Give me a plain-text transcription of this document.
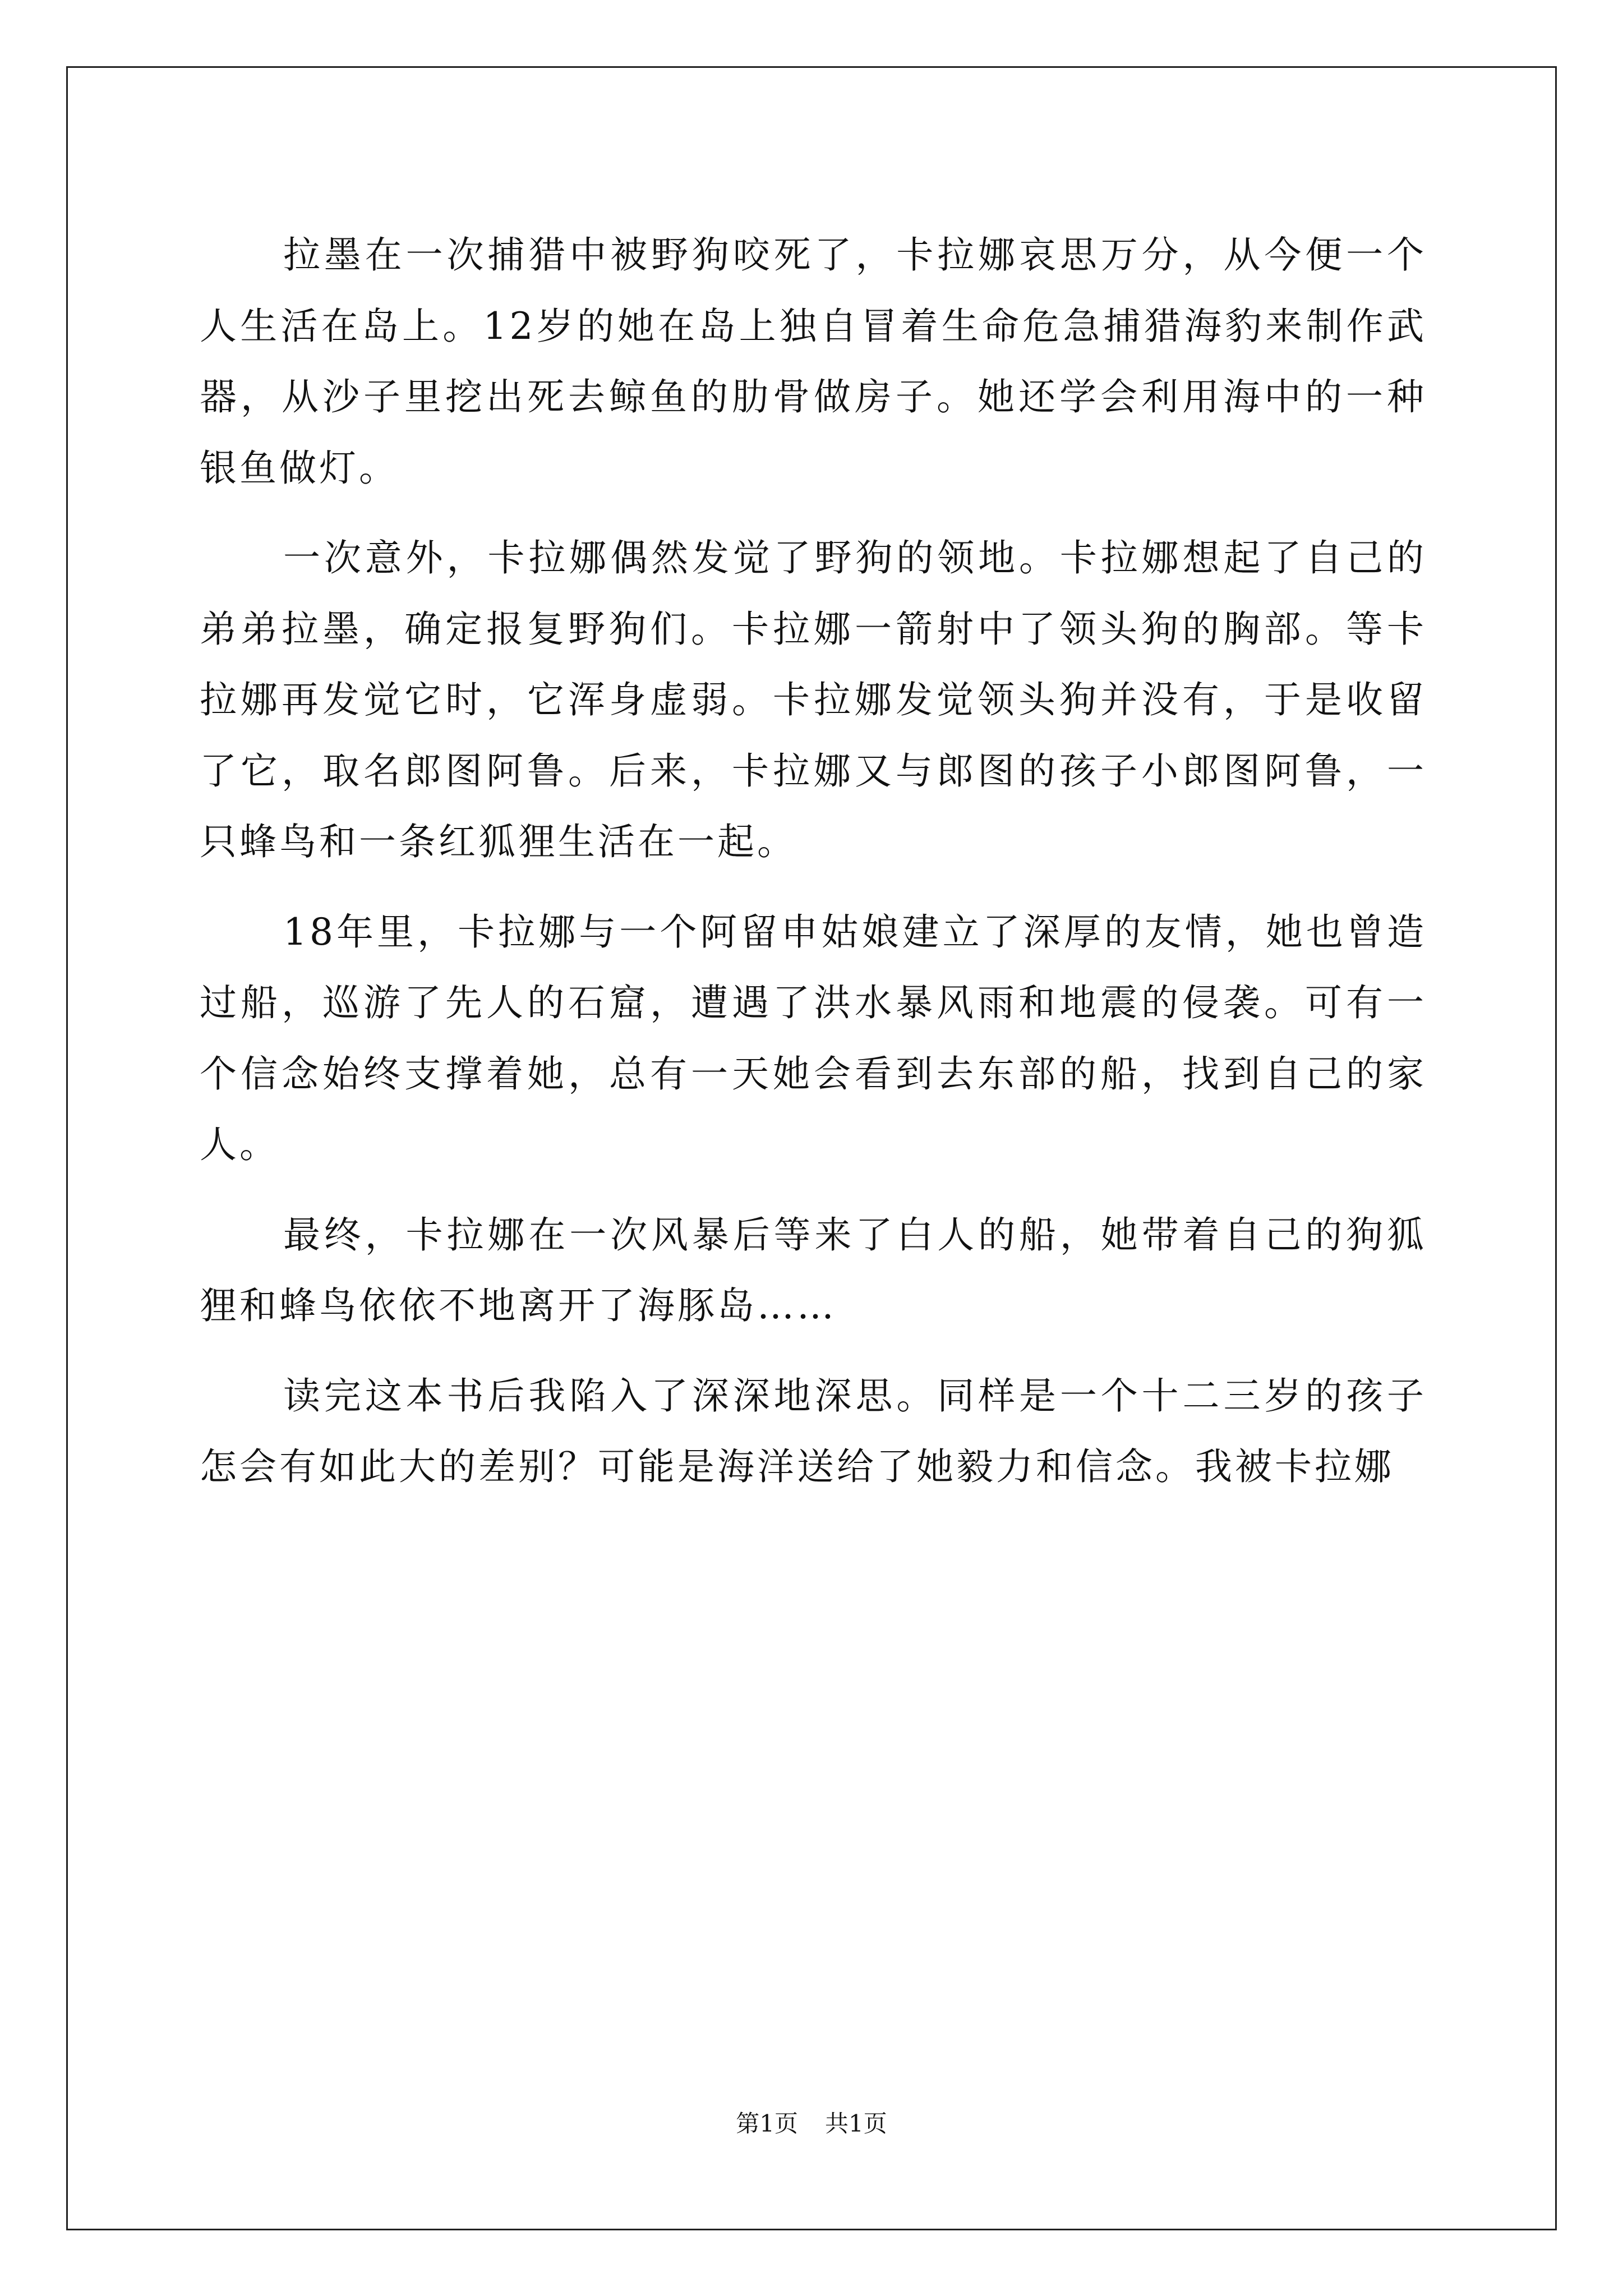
拉墨在一次捕猎中被野狗咬死了，卡拉娜哀思万分，从今便一个人生活在岛上。12岁的她在岛上独自冒着生命危急捕猎海豹来制作武器，从沙子里挖出死去鲸鱼的肋骨做房子。她还学会利用海中的一种银鱼做灯。

一次意外，卡拉娜偶然发觉了野狗的领地。卡拉娜想起了自己的弟弟拉墨，确定报复野狗们。卡拉娜一箭射中了领头狗的胸部。等卡拉娜再发觉它时，它浑身虚弱。卡拉娜发觉领头狗并没有，于是收留了它，取名郎图阿鲁。后来，卡拉娜又与郎图的孩子小郎图阿鲁，一只蜂鸟和一条红狐狸生活在一起。

18年里，卡拉娜与一个阿留申姑娘建立了深厚的友情，她也曾造过船，巡游了先人的石窟，遭遇了洪水暴风雨和地震的侵袭。可有一个信念始终支撑着她，总有一天她会看到去东部的船，找到自己的家人。

最终，卡拉娜在一次风暴后等来了白人的船，她带着自己的狗狐狸和蜂鸟依依不地离开了海豚岛……

读完这本书后我陷入了深深地深思。同样是一个十二三岁的孩子怎会有如此大的差别？可能是海洋送给了她毅力和信念。我被卡拉娜

第1页 共1页
